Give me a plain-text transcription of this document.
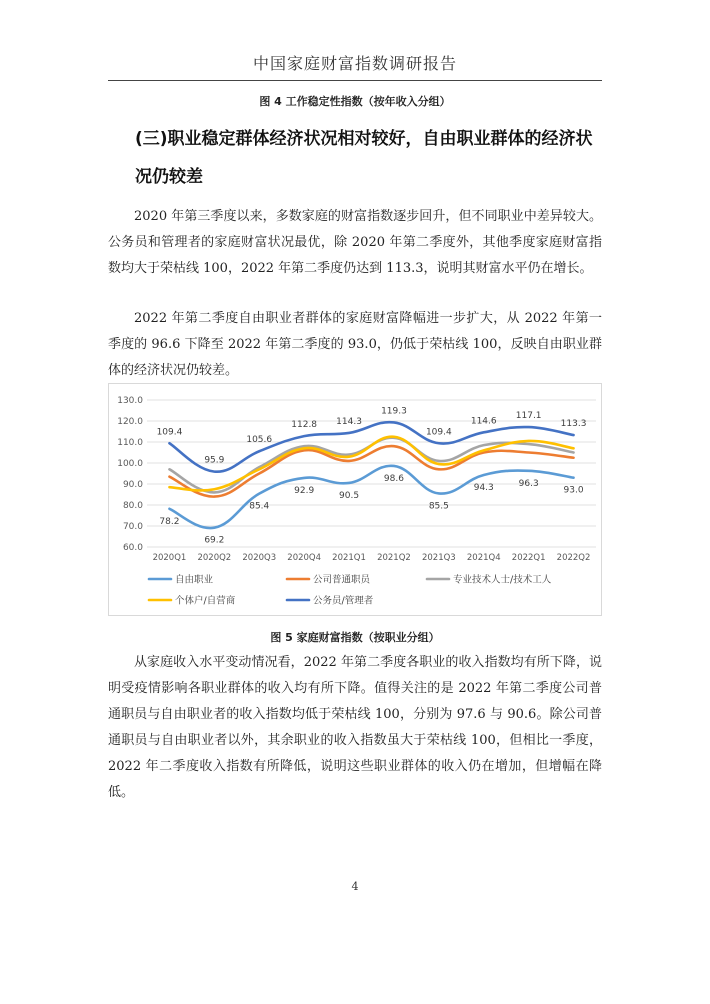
中国家庭财富指数调研报告
图 4 工作稳定性指数（按年收入分组）
(三)职业稳定群体经济状况相对较好，自由职业群体的经济状况仍较差
2020 年第三季度以来，多数家庭的财富指数逐步回升，但不同职业中差异较大。公务员和管理者的家庭财富状况最优，除 2020 年第二季度外，其他季度家庭财富指数均大于荣枯线 100，2022 年第二季度仍达到 113.3，说明其财富水平仍在增长。
2022 年第二季度自由职业者群体的家庭财富降幅进一步扩大，从 2022 年第一季度的 96.6 下降至 2022 年第二季度的 93.0，仍低于荣枯线 100，反映自由职业群体的经济状况仍较差。
60.0
70.0
80.0
90.0
100.0
110.0
120.0
130.0
2020Q1 2020Q2 2020Q3 2020Q4 2021Q1 2021Q2 2021Q3 2021Q4 2022Q1 2022Q2
78.2
69.2
85.4
92.9
90.5
98.6
85.5
94.3	96.3
93.0
109.4
95.9
105.6
112.8 114.3
119.3
109.4
114.6
117.1
113.3
自由职业	公司普通职员	专业技术人士/技术工人
个体户/自营商	公务员/管理者
图 5 家庭财富指数（按职业分组）
从家庭收入水平变动情况看，2022 年第二季度各职业的收入指数均有所下降，说明受疫情影响各职业群体的收入均有所下降。值得关注的是 2022 年第二季度公司普通职员与自由职业者的收入指数均低于荣枯线 100，分别为 97.6 与 90.6。除公司普通职员与自由职业者以外，其余职业的收入指数虽大于荣枯线 100，但相比一季度，2022 年二季度收入指数有所降低，说明这些职业群体的收入仍在增加，但增幅在降低。
4
